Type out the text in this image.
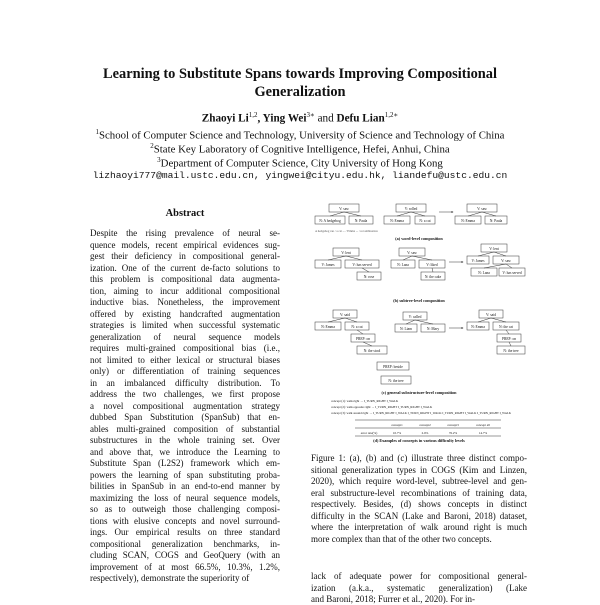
Learning to Substitute Spans towards Improving Compositional
Generalization
Zhaoyi Li$^{1,2}$, Ying Wei$^{3∗}$ and Defu Lian$^{1,2∗}$
$^1$School of Computer Science and Technology, University of Science and Technology of China
$^2$State Key Laboratory of Cognitive Intelligence, Hefei, Anhui, China
$^3$Department of Computer Science, City University of Hong Kong
lizhaoyi777@mail.ustc.edu.cn, yingwei@cityu.edu.hk, liandefu@ustc.edu.cn
Abstract
Despite the rising prevalence of neural se-
quence models, recent empirical evidences sug-
gest their deficiency in compositional general-
ization. One of the current de-facto solutions to
this problem is compositional data augmenta-
tion, aiming to incur additional compositional
inductive bias. Nonetheless, the improvement
offered by existing handcrafted augmentation
strategies is limited when successful systematic
generalization of neural sequence models
requires multi-grained compositional bias (i.e.,
not limited to either lexical or structural biases
only) or differentiation of training sequences
in an imbalanced difficulty distribution. To
address the two challenges, we first propose
a novel compositional augmentation strategy
dubbed Span Substitution (SpanSub) that en-
ables multi-grained composition of substantial
substructures in the whole training set. Over
and above that, we introduce the Learning to
Substitute Span (L2S2) framework which em-
powers the learning of span substituting proba-
bilities in SpanSub in an end-to-end manner by
maximizing the loss of neural sequence models,
so as to outweigh those challenging composi-
tions with elusive concepts and novel surround-
ings. Our empirical results on three standard
compositional generalization benchmarks, in-
cluding SCAN, COGS and GeoQuery (with an
improvement of at most 66.5%, 10.3%, 1.2%,
respectively), demonstrate the superiority of
V: saw
N: A hedgehog	N: Paula
V: rolled
N: Emma	N: a cat
V: saw
N: Emma	N: Paula
V: lent
V: James	V: has served
N: rose
V: saw
N: Lana	V: liked
N: the cake
V: lent
V: James	V: saw
N: Lana	V: has served
V: said
N: Emma	N: a cat
PREP: on
N: the stool
PREP: beside
N: the tree
V: called
N: Liam	N: Mary
V: said
N: Emma	N: the cat
PREP: on
N: the tree
(a) word-level composition
(b) subtree-level composition
(c) general substructure-level composition
(d) Examples of concepts in various difficulty levels
A hedgehog ran / a cat ... / Emma ... / recombination
concept (1): walk right → I_TURN_RIGHT I_WALK
concept (2): walk opposite right → I_TURN_RIGHT I_TURN_RIGHT I_WALK
concept (3): walk around right → I_TURN_RIGHT I_WALK I_TURN_RIGHT I_WALK I_TURN_RIGHT I_WALK I_TURN_RIGHT I_WALK
concept1	concept2	concept3	concept all
error rate(%)	10.7%	2.6%	76.2%	14.7%
Figure 1: (a), (b) and (c) illustrate three distinct compo-
sitional generalization types in COGS (Kim and Linzen,
2020), which require word-level, subtree-level and gen-
eral substructure-level recombinations of training data,
respectively. Besides, (d) shows concepts in distinct
difficulty in the SCAN (Lake and Baroni, 2018) dataset,
where the interpretation of walk around right is much
more complex than that of the other two concepts.
lack of adequate power for compositional general-
ization (a.k.a., systematic generalization) (Lake
and Baroni, 2018; Furrer et al., 2020). For in-
